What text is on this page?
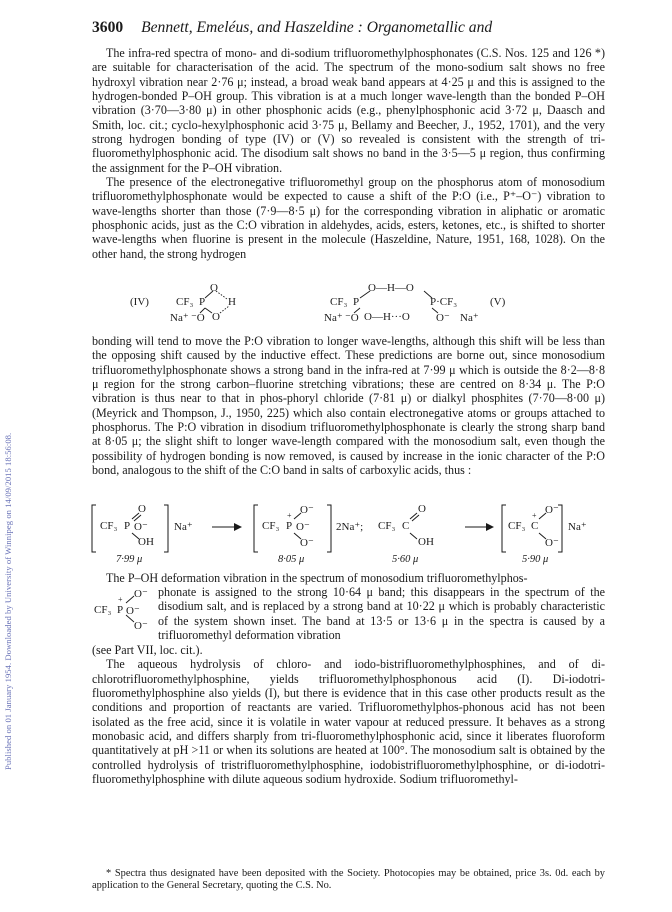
Published on 01 January 1954. Downloaded by University of Winnipeg on 14/09/2015 18:56:08.
3600 Bennett, Emeléus, and Haszeldine : Organometallic and

The infra-red spectra of mono- and di-sodium trifluoromethylphosphonates (C.S. Nos. 125 and 126 *) are suitable for characterisation of the acid. The spectrum of the mono-sodium salt shows no free hydroxyl vibration near 2·76 μ; instead, a broad weak band appears at 4·25 μ and this is assigned to the hydrogen-bonded P–OH group. This vibration is at a much longer wave-length than the bonded P–OH vibration (3·70—3·80 μ) in other phosphonic acids (e.g., phenylphosphonic acid 3·72 μ, Daasch and Smith, loc. cit.; cyclo-hexylphosphonic acid 3·75 μ, Bellamy and Beecher, J., 1952, 1701), and the very strong hydrogen bonding of type (IV) or (V) so revealed is consistent with the strength of tri-fluoromethylphosphonic acid. The disodium salt shows no band in the 3·5—5 μ region, thus confirming the assignment for the P–OH vibration.

The presence of the electronegative trifluoromethyl group on the phosphorus atom of monosodium trifluoromethylphosphonate would be expected to cause a shift of the P:O (i.e., P⁺–O⁻) vibration to wave-lengths shorter than those (7·9—8·5 μ) for the corresponding vibration in aliphatic or aromatic phosphonic acids, just as the C:O vibration in aldehydes, acids, esters, ketones, etc., is shifted to shorter wave-lengths when fluorine is present in the molecule (Haszeldine, Nature, 1951, 168, 1028). On the other hand, the strong hydrogen

(IV) CF₃ P
O
H
Na⁺ ⁻O O
CF₃ P
O—H—O
P·CF₃	(V)
Na⁺ ⁻O O—H···O O⁻ Na⁺

bonding will tend to move the P:O vibration to longer wave-lengths, although this shift will be less than the opposing shift caused by the inductive effect. These predictions are borne out, since monosodium trifluoromethylphosphonate shows a strong band in the infra-red at 7·99 μ which is outside the 8·2—8·8 μ region for the strong carbon–fluorine stretching vibrations; these are centred on 8·34 μ. The P:O vibration is thus near to that in phos-phoryl chloride (7·81 μ) or dialkyl phosphites (7·70—8·00 μ) (Meyrick and Thompson, J., 1950, 225) which also contain electronegative atoms or groups attached to phosphorus. The P:O vibration in disodium trifluoromethylphosphonate is clearly the strong sharp band at 8·05 μ; the slight shift to longer wave-length compared with the monosodium salt, even though the possibility of hydrogen bonding is now removed, is caused by increase in the ionic character of the P:O bond, analogous to the shift of the C:O band in salts of carboxylic acids, thus :

O
CF₃ P O⁻ Na⁺
OH
O⁻
CF₃ P
+
O⁻
O⁻
2Na⁺;
O
CF₃ C
OH
O⁻
CF₃ C
+
O⁻
Na⁺
7·99 μ	8·05 μ	5·60 μ	5·90 μ

The P–OH deformation vibration in the spectrum of monosodium trifluoromethylphos-

O⁻
CF₃ P
+
O⁻
O⁻

phonate is assigned to the strong 10·64 μ band; this disappears in the spectrum of the disodium salt, and is replaced by a strong band at 10·22 μ which is probably characteristic of the system shown inset. The band at 13·5 or 13·6 μ in the spectra is caused by a trifluoromethyl deformation vibration

(see Part VII, loc. cit.).

The aqueous hydrolysis of chloro- and iodo-bistrifluoromethylphosphines, and of di-chlorotrifluoromethylphosphine, yields trifluoromethylphosphonous acid (I). Di-iodotri-fluoromethylphosphine also yields (I), but there is evidence that in this case other products result as the conditions and proportion of reactants are varied. Trifluoromethylphos-phonous acid has not been isolated as the free acid, since it is volatile in water vapour at reduced pressure. It behaves as a strong monobasic acid, and differs sharply from tri-fluoromethylphosphonic acid, since it liberates fluoroform quantitatively at pH >11 or when its solutions are heated at 100°. The monosodium salt is obtained by the controlled hydrolysis of tristrifluoromethylphosphine, iodobistrifluoromethylphosphine, or di-iodotri-fluoromethylphosphine with dilute aqueous sodium hydroxide. Sodium trifluoromethyl-

* Spectra thus designated have been deposited with the Society. Photocopies may be obtained, price 3s. 0d. each by application to the General Secretary, quoting the C.S. No.
